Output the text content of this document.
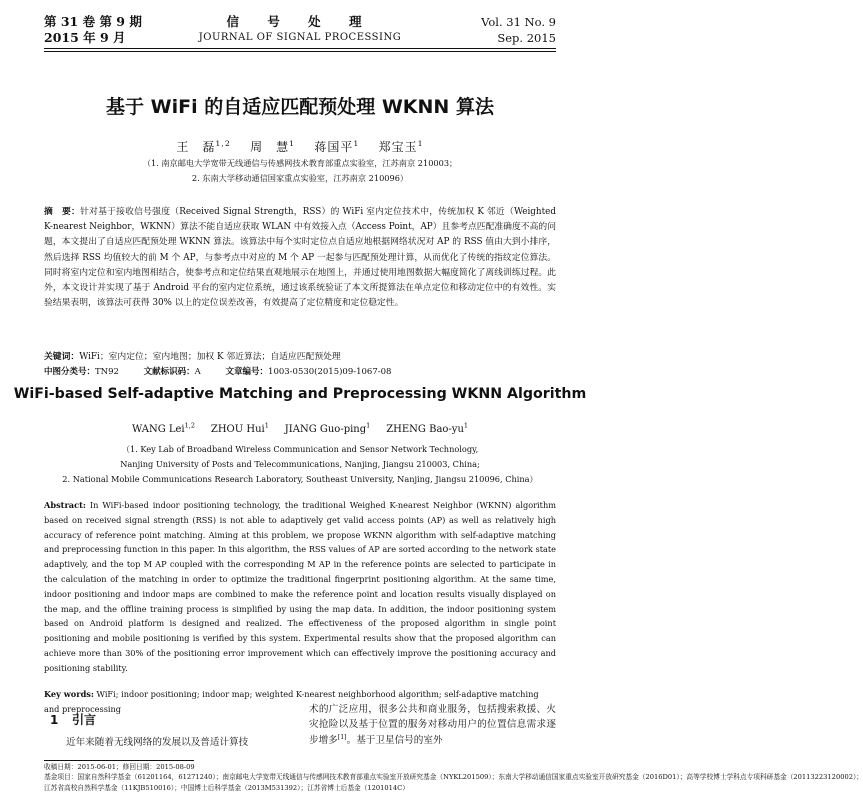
第 31 卷 第 9 期
2015 年 9 月
信 号 处 理
JOURNAL OF SIGNAL PROCESSING
Vol. 31 No. 9
Sep. 2015
基于 WiFi 的自适应匹配预处理 WKNN 算法
王　磊$^{1,2}$ 周　慧$^1$ 蒋国平$^1$ 郑宝玉$^1$
（1. 南京邮电大学宽带无线通信与传感网技术教育部重点实验室，江苏南京 210003；
2. 东南大学移动通信国家重点实验室，江苏南京 210096）
摘　要：针对基于接收信号强度（Received Signal Strength，RSS）的 WiFi 室内定位技术中，传统加权 K 邻近（Weighted K-nearest Neighbor，WKNN）算法不能自适应获取 WLAN 中有效接入点（Access Point，AP）且参考点匹配准确度不高的问题，本文提出了自适应匹配预处理 WKNN 算法。该算法中每个实时定位点自适应地根据网络状况对 AP 的 RSS 值由大到小排序，然后选择 RSS 均值较大的前 M 个 AP，与参考点中对应的 M 个 AP 一起参与匹配预处理计算，从而优化了传统的指纹定位算法。同时将室内定位和室内地图相结合，使参考点和定位结果直观地展示在地图上，并通过使用地图数据大幅度简化了离线训练过程。此外，本文设计并实现了基于 Android 平台的室内定位系统，通过该系统验证了本文所提算法在单点定位和移动定位中的有效性。实验结果表明，该算法可获得 30% 以上的定位误差改善，有效提高了定位精度和定位稳定性。
关键词：WiFi；室内定位；室内地图；加权 K 邻近算法；自适应匹配预处理
中图分类号：TN92	文献标识码：A	文章编号：1003-0530(2015)09-1067-08
WiFi-based Self-adaptive Matching and Preprocessing WKNN Algorithm
WANG Lei$^{1,2}$ ZHOU Hui$^1$ JIANG Guo-ping$^1$ ZHENG Bao-$yu^1$
（1. Key Lab of Broadband Wireless Communication and Sensor Network Technology,
Nanjing University of Posts and Telecommunications, Nanjing, Jiangsu 210003, China;
2. National Mobile Communications Research Laboratory, Southeast University, Nanjing, Jiangsu 210096, China）
Abstract: In WiFi-based indoor positioning technology, the traditional Weighed K-nearest Neighbor (WKNN) algorithm based on received signal strength (RSS) is not able to adaptively get valid access points (AP) as well as relatively high accuracy of reference point matching. Aiming at this problem, we propose WKNN algorithm with self-adaptive matching and preprocessing function in this paper. In this algorithm, the RSS values of AP are sorted according to the network state adaptively, and the top M AP coupled with the corresponding M AP in the reference points are selected to participate in the calculation of the matching in order to optimize the traditional fingerprint positioning algorithm. At the same time, indoor positioning and indoor maps are combined to make the reference point and location results visually displayed on the map, and the offline training process is simplified by using the map data. In addition, the indoor positioning system based on Android platform is designed and realized. The effectiveness of the proposed algorithm in single point positioning and mobile positioning is verified by this system. Experimental results show that the proposed algorithm can achieve more than 30% of the positioning error improvement which can effectively improve the positioning accuracy and positioning stability.
Key words: WiFi; indoor positioning; indoor map; weighted K-nearest neighborhood algorithm; self-adaptive matching and preprocessing
1 引言
近年来随着无线网络的发展以及普适计算技
术的广泛应用，很多公共和商业服务，包括搜索救援、火灾抢险以及基于位置的服务对移动用户的位置信息需求逐步增多[1]。基于卫星信号的室外
收稿日期：2015-06-01；修回日期：2015-08-09
基金项目：国家自然科学基金（61201164，61271240）；南京邮电大学宽带无线通信与传感网技术教育部重点实验室开放研究基金（NYKL201509）；东南大学移动通信国家重点实验室开放研究基金（2016D01）；高等学校博士学科点专项科研基金（20113223120002）；
江苏省高校自然科学基金（11KJB510016）；中国博士后科学基金（2013M531392）；江苏省博士后基金（1201014C）
